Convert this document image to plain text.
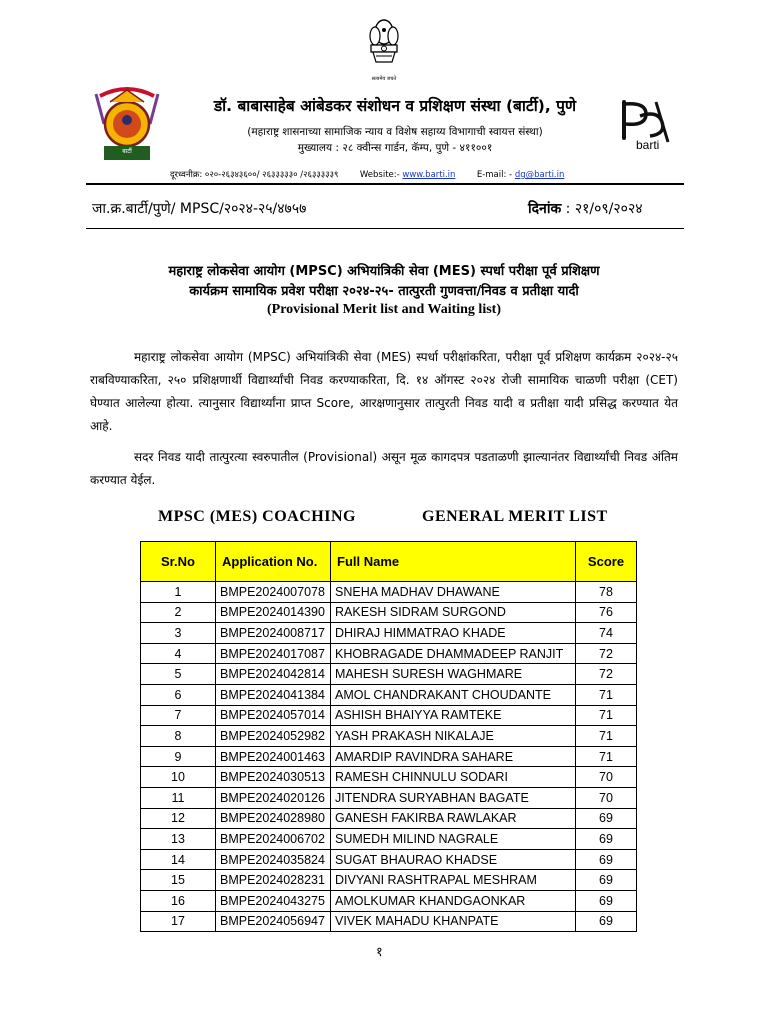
सत्यमेव जयते
बार्टी
डॉ. बाबासाहेब आंबेडकर संशोधन व प्रशिक्षण संस्था (बार्टी), पुणे
(महाराष्ट्र शासनाच्या सामाजिक न्याय व विशेष सहाय्य विभागाची स्वायत्त संस्था)
मुख्यालय : २८ क्वीन्स गार्डन, कॅम्प, पुणे - ४११००१	barti
दूरध्वनीक्र: ०२०-२६३४३६००/ २६३३३३३० /२६३३३३३९	Website:- www.barti.in	E-mail: - dg@barti.in
जा.क्र.बार्टी/पुणे/ MPSC/२०२४-२५/४७५७	दिनांक : २१/०९/२०२४
महाराष्ट्र लोकसेवा आयोग (MPSC) अभियांत्रिकी सेवा (MES) स्पर्धा परीक्षा पूर्व प्रशिक्षण
कार्यक्रम सामायिक प्रवेश परीक्षा २०२४-२५- तात्पुरती गुणवत्ता/निवड व प्रतीक्षा यादी
(Provisional Merit list and Waiting list)
महाराष्ट्र लोकसेवा आयोग (MPSC) अभियांत्रिकी सेवा (MES) स्पर्धा परीक्षांकरिता, परीक्षा पूर्व प्रशिक्षण कार्यक्रम २०२४-२५ राबविण्याकरिता, २५० प्रशिक्षणार्थी विद्यार्थ्यांची निवड करण्याकरिता, दि. १४ ऑगस्ट २०२४ रोजी सामायिक चाळणी परीक्षा (CET) घेण्यात आलेल्या होत्या. त्यानुसार विद्यार्थ्यांना प्राप्त Score, आरक्षणानुसार तात्पुरती निवड यादी व प्रतीक्षा यादी प्रसिद्ध करण्यात येत आहे.
सदर निवड यादी तात्पुरत्या स्वरुपातील (Provisional) असून मूळ कागदपत्र पडताळणी झाल्यानंतर विद्यार्थ्यांची निवड अंतिम करण्यात येईल.
MPSC (MES) COACHING	GENERAL MERIT LIST
Sr.No	Application No.	Full Name	Score
1	BMPE2024007078	SNEHA MADHAV DHAWANE	78
2	BMPE2024014390	RAKESH SIDRAM SURGOND	76
3	BMPE2024008717	DHIRAJ HIMMATRAO KHADE	74
4	BMPE2024017087	KHOBRAGADE DHAMMADEEP RANJIT	72
5	BMPE2024042814	MAHESH SURESH WAGHMARE	72
6	BMPE2024041384	AMOL CHANDRAKANT CHOUDANTE	71
7	BMPE2024057014	ASHISH BHAIYYA RAMTEKE	71
8	BMPE2024052982	YASH PRAKASH NIKALAJE	71
9	BMPE2024001463	AMARDIP RAVINDRA SAHARE	71
10	BMPE2024030513	RAMESH CHINNULU SODARI	70
11	BMPE2024020126	JITENDRA SURYABHAN BAGATE	70
12	BMPE2024028980	GANESH FAKIRBA RAWLAKAR	69
13	BMPE2024006702	SUMEDH MILIND NAGRALE	69
14	BMPE2024035824	SUGAT BHAURAO KHADSE	69
15	BMPE2024028231	DIVYANI RASHTRAPAL MESHRAM	69
16	BMPE2024043275	AMOLKUMAR KHANDGAONKAR	69
17	BMPE2024056947	VIVEK MAHADU KHANPATE	69
१
